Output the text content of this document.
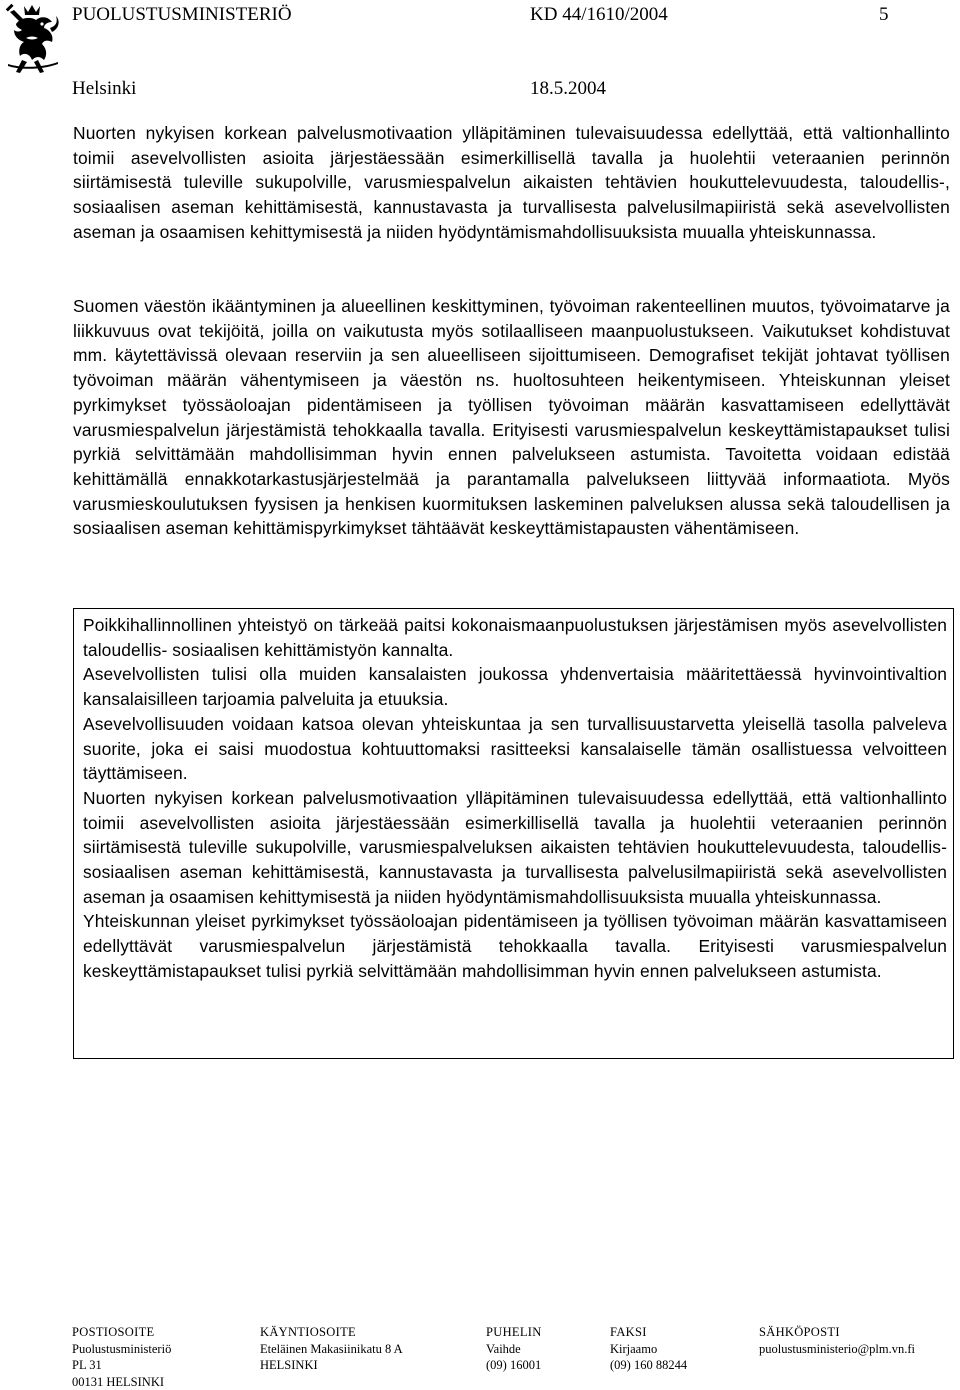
PUOLUSTUSMINISTERIÖ	KD 44/1610/2004	5
Helsinki	18.5.2004

Nuorten nykyisen korkean palvelusmotivaation ylläpitäminen tulevaisuudessa edellyttää, että valtionhallinto toimii asevelvollisten asioita järjestäessään esimerkillisellä tavalla ja huolehtii veteraanien perinnön siirtämisestä tuleville sukupolville, varusmiespalvelun aikaisten tehtävien houkuttelevuudesta, taloudellis-, sosiaalisen aseman kehittämisestä, kannustavasta ja turvallisesta palvelusilmapiiristä sekä asevelvollisten aseman ja osaamisen kehittymisestä ja niiden hyödyntämismahdollisuuksista muualla yhteiskunnassa.

Suomen väestön ikääntyminen ja alueellinen keskittyminen, työvoiman rakenteellinen muutos, työvoimatarve ja liikkuvuus ovat tekijöitä, joilla on vaikutusta myös sotilaalliseen maanpuolustukseen. Vaikutukset kohdistuvat mm. käytettävissä olevaan reserviin ja sen alueelliseen sijoittumiseen. Demografiset tekijät johtavat työllisen työvoiman määrän vähentymiseen ja väestön ns. huoltosuhteen heikentymiseen. Yhteiskunnan yleiset pyrkimykset työssäoloajan pidentämiseen ja työllisen työvoiman määrän kasvattamiseen edellyttävät varusmiespalvelun järjestämistä tehokkaalla tavalla. Erityisesti varusmiespalvelun keskeyttämistapaukset tulisi pyrkiä selvittämään mahdollisimman hyvin ennen palvelukseen astumista. Tavoitetta voidaan edistää kehittämällä ennakkotarkastusjärjestelmää ja parantamalla palvelukseen liittyvää informaatiota. Myös varusmieskoulutuksen fyysisen ja henkisen kuormituksen laskeminen palveluksen alussa sekä taloudellisen ja sosiaalisen aseman kehittämispyrkimykset tähtäävät keskeyttämistapausten vähentämiseen.

Poikkihallinnollinen yhteistyö on tärkeää paitsi kokonaismaanpuolustuksen järjestämisen myös asevelvollisten taloudellis- sosiaalisen kehittämistyön kannalta.

Asevelvollisten tulisi olla muiden kansalaisten joukossa yhdenvertaisia määritettäessä hyvinvointivaltion kansalaisilleen tarjoamia palveluita ja etuuksia.

Asevelvollisuuden voidaan katsoa olevan yhteiskuntaa ja sen turvallisuustarvetta yleisellä tasolla palveleva suorite, joka ei saisi muodostua kohtuuttomaksi rasitteeksi kansalaiselle tämän osallistuessa velvoitteen täyttämiseen.

Nuorten nykyisen korkean palvelusmotivaation ylläpitäminen tulevaisuudessa edellyttää, että valtionhallinto toimii asevelvollisten asioita järjestäessään esimerkillisellä tavalla ja huolehtii veteraanien perinnön siirtämisestä tuleville sukupolville, varusmiespalveluksen aikaisten tehtävien houkuttelevuudesta, taloudellis- sosiaalisen aseman kehittämisestä, kannustavasta ja turvallisesta palvelusilmapiiristä sekä asevelvollisten aseman ja osaamisen kehittymisestä ja niiden hyödyntämismahdollisuuksista muualla yhteiskunnassa.

Yhteiskunnan yleiset pyrkimykset työssäoloajan pidentämiseen ja työllisen työvoiman määrän kasvattamiseen edellyttävät varusmiespalvelun järjestämistä tehokkaalla tavalla. Erityisesti varusmiespalvelun keskeyttämistapaukset tulisi pyrkiä selvittämään mahdollisimman hyvin ennen palvelukseen astumista.

POSTIOSOITE
Puolustusministeriö
PL 31
00131 HELSINKI
KÄYNTIOSOITE
Eteläinen Makasiinikatu 8 A
HELSINKI
PUHELIN
Vaihde
(09) 16001
FAKSI
Kirjaamo
(09) 160 88244
SÄHKÖPOSTI
puolustusministerio@plm.vn.fi
